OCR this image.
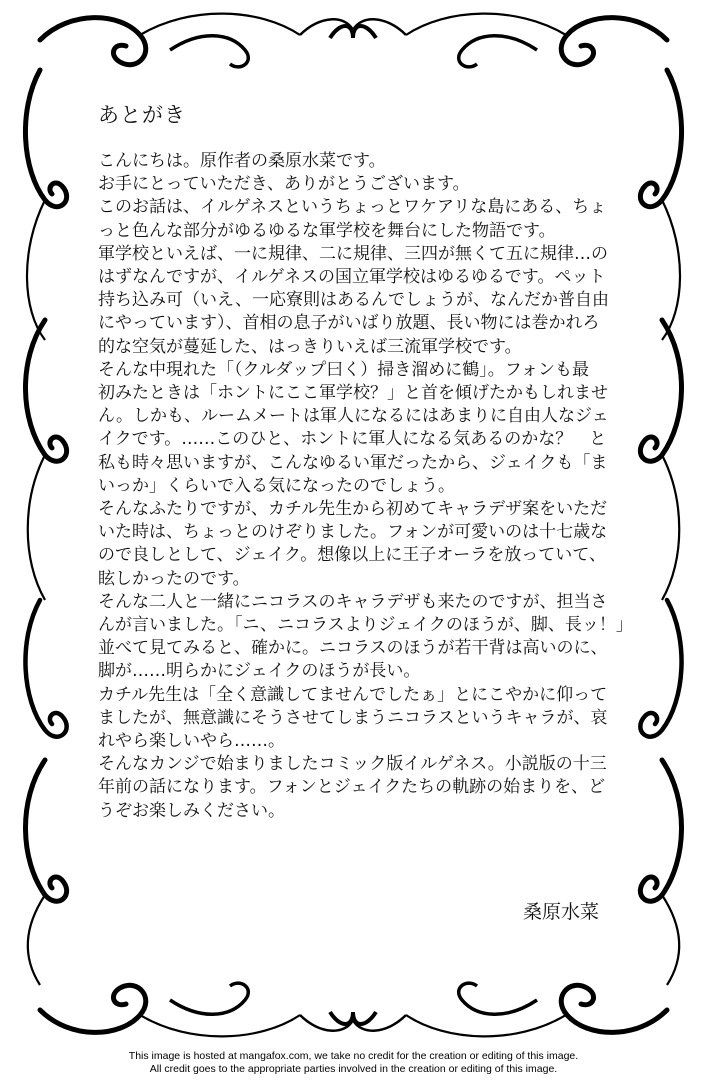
あとがき
こんにちは。原作者の桑原水菜です。
お手にとっていただき、ありがとうございます。
このお話は、イルゲネスというちょっとワケアリな島にある、ちょ
っと色んな部分がゆるゆるな軍学校を舞台にした物語です。
軍学校といえば、一に規律、二に規律、三四が無くて五に規律…の
はずなんですが、イルゲネスの国立軍学校はゆるゆるです。ペット
持ち込み可（いえ、一応寮則はあるんでしょうが、なんだか普自由
にやっています）、首相の息子がいばり放題、長い物には巻かれろ
的な空気が蔓延した、はっきりいえば三流軍学校です。
そんな中現れた「（クルダップ曰く）掃き溜めに鶴」。フォンも最
初みたときは「ホントにここ軍学校？」と首を傾げたかもしれませ
ん。しかも、ルームメートは軍人になるにはあまりに自由人なジェ
イクです。……このひと、ホントに軍人になる気あるのかな？　と
私も時々思いますが、こんなゆるい軍だったから、ジェイクも「ま
いっか」くらいで入る気になったのでしょう。
そんなふたりですが、カチル先生から初めてキャラデザ案をいただ
いた時は、ちょっとのけぞりました。フォンが可愛いのは十七歳な
ので良しとして、ジェイク。想像以上に王子オーラを放っていて、
眩しかったのです。
そんな二人と一緒にニコラスのキャラデザも来たのですが、担当さ
んが言いました。「ニ、ニコラスよりジェイクのほうが、脚、長ッ！」
並べて見てみると、確かに。ニコラスのほうが若干背は高いのに、
脚が……明らかにジェイクのほうが長い。
カチル先生は「全く意識してませんでしたぁ」とにこやかに仰って
ましたが、無意識にそうさせてしまうニコラスというキャラが、哀
れやら楽しいやら……。
そんなカンジで始まりましたコミック版イルゲネス。小説版の十三
年前の話になります。フォンとジェイクたちの軌跡の始まりを、ど
うぞお楽しみください。
桑原水菜
This image is hosted at mangafox.com, we take no credit for the creation or editing of this image.
All credit goes to the appropriate parties involved in the creation or editing of this image.
